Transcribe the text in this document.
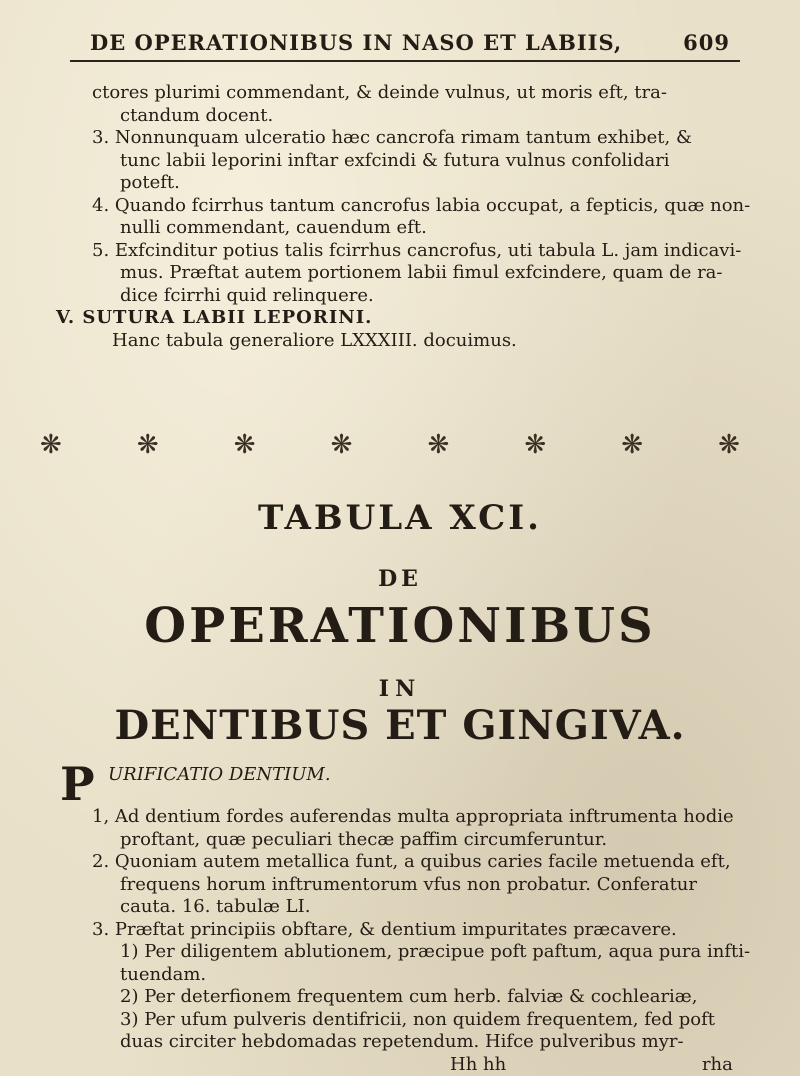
DE OPERATIONIBUS IN NASO ET LABIIS,	609
ctores plurimi commendant, & deinde vulnus, ut moris eft, tra-
ctandum docent.
3. Nonnunquam ulceratio hæc cancrofa rimam tantum exhibet, &
tunc labii leporini inftar exfcindi & futura vulnus confolidari
poteft.
4. Quando fcirrhus tantum cancrofus labia occupat, a fepticis, quæ non-
nulli commendant, cauendum eft.
5. Exfcinditur potius talis fcirrhus cancrofus, uti tabula L. jam indicavi-
mus. Præftat autem portionem labii fimul exfcindere, quam de ra-
dice fcirrhi quid relinquere.
V. SUTURA LABII LEPORINI.
Hanc tabula generaliore LXXXIII. docuimus.
❋	❋	❋	❋	❋	❋	❋	❋
TABULA XCI.
DE
OPERATIONIBUS
IN
DENTIBUS ET GINGIVA.
PURIFICATIO DENTIUM.
1, Ad dentium fordes auferendas multa appropriata inftrumenta hodie
proftant, quæ peculiari thecæ paffim circumferuntur.
2. Quoniam autem metallica funt, a quibus caries facile metuenda eft,
frequens horum inftrumentorum vfus non probatur. Conferatur
cauta. 16. tabulæ LI.
3. Præftat principiis obftare, & dentium impuritates præcavere.
1) Per diligentem ablutionem, præcipue poft paftum, aqua pura infti-
tuendam.
2) Per deterfionem frequentem cum herb. falviæ & cochleariæ,
3) Per ufum pulveris dentifricii, non quidem frequentem, fed poft
duas circiter hebdomadas repetendum. Hifce pulveribus myr-
Hh hh	rha
